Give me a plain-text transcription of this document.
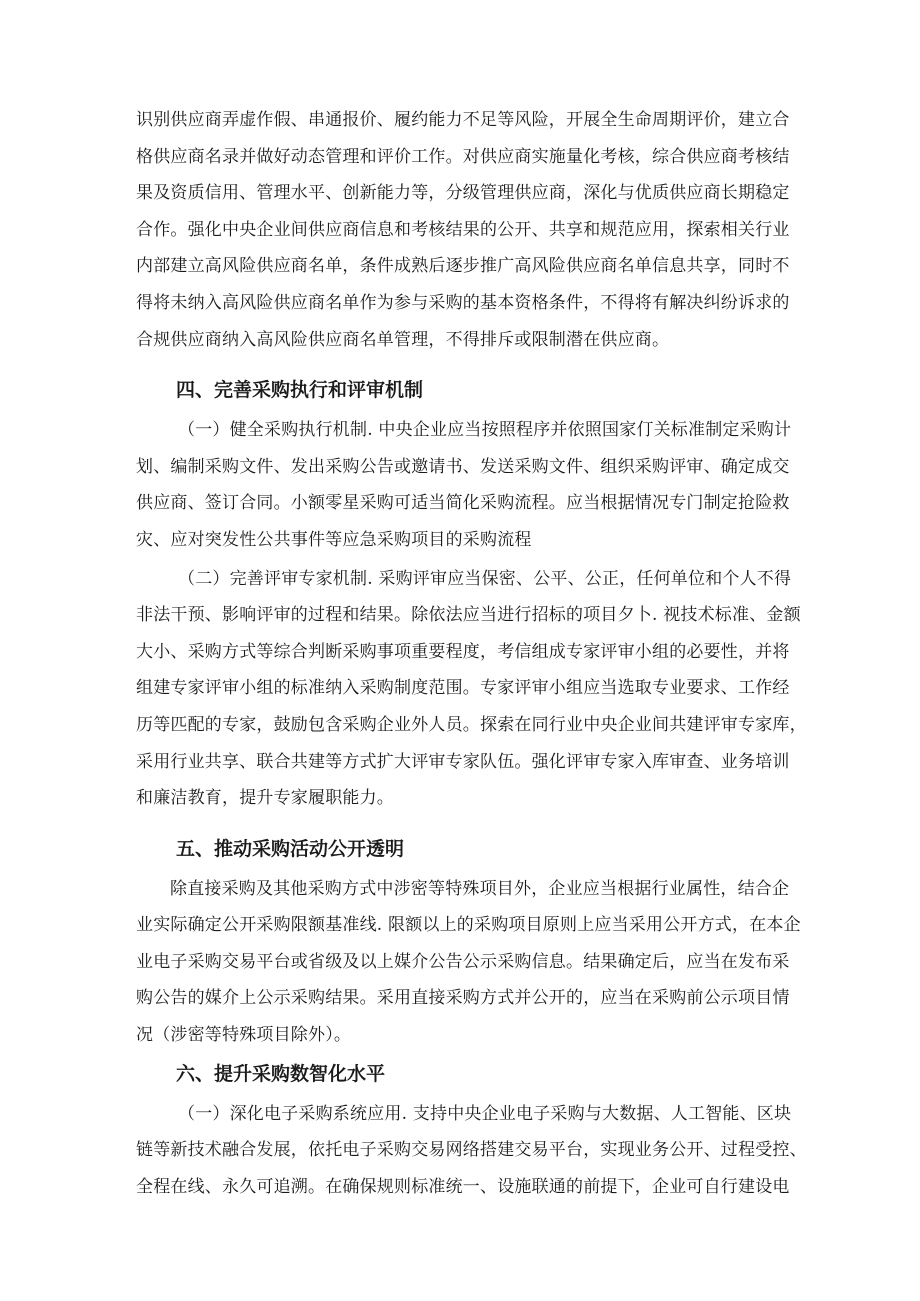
识别供应商弄虚作假、串通报价、履约能力不足等风险，开展全生命周期评价，建立合
格供应商名录并做好动态管理和评价工作。对供应商实施量化考核，综合供应商考核结
果及资质信用、管理水平、创新能力等，分级管理供应商，深化与优质供应商长期稳定
合作。强化中央企业间供应商信息和考核结果的公开、共享和规范应用，探索相关行业
内部建立高风险供应商名单，条件成熟后逐步推广高风险供应商名单信息共享，同时不
得将未纳入高风险供应商名单作为参与采购的基本资格条件，不得将有解决纠纷诉求的
合规供应商纳入高风险供应商名单管理，不得排斥或限制潜在供应商。

四、完善采购执行和评审机制

（一）健全采购执行机制. 中央企业应当按照程序并依照国家仃关标准制定采购计
划、编制采购文件、发出采购公告或邀请书、发送采购文件、组织采购评审、确定成交
供应商、签订合同。小额零星采购可适当简化采购流程。应当根据情况专门制定抢险救
灾、应对突发性公共事件等应急采购项目的采购流程

（二）完善评审专家机制. 采购评审应当保密、公平、公正，任何单位和个人不得
非法干预、影响评审的过程和结果。除依法应当进行招标的项目夕卜. 视技术标准、金额
大小、采购方式等综合判断采购事项重要程度，考信组成专家评审小组的必要性，并将
组建专家评审小组的标准纳入采购制度范围。专家评审小组应当选取专业要求、工作经
历等匹配的专家，鼓励包含采购企业外人员。探索在同行业中央企业间共建评审专家库，
采用行业共享、联合共建等方式扩大评审专家队伍。强化评审专家入库审查、业务培训
和廉洁教育，提升专家履职能力。

五、推动采购活动公开透明

除直接采购及其他采购方式中涉密等特殊项目外，企业应当根据行业属性，结合企
业实际确定公开采购限额基准线. 限额以上的采购项目原则上应当采用公开方式，在本企
业电子采购交易平台或省级及以上媒介公告公示采购信息。结果确定后，应当在发布采
购公告的媒介上公示采购结果。采用直接采购方式并公开的，应当在采购前公示项目情
况（涉密等特殊项目除外）。

六、提升采购数智化水平

（一）深化电子采购系统应用. 支持中央企业电子采购与大数据、人工智能、区块
链等新技术融合发展，依托电子采购交易网络搭建交易平台，实现业务公开、过程受控、
全程在线、永久可追溯。在确保规则标准统一、设施联通的前提下，企业可自行建设电
